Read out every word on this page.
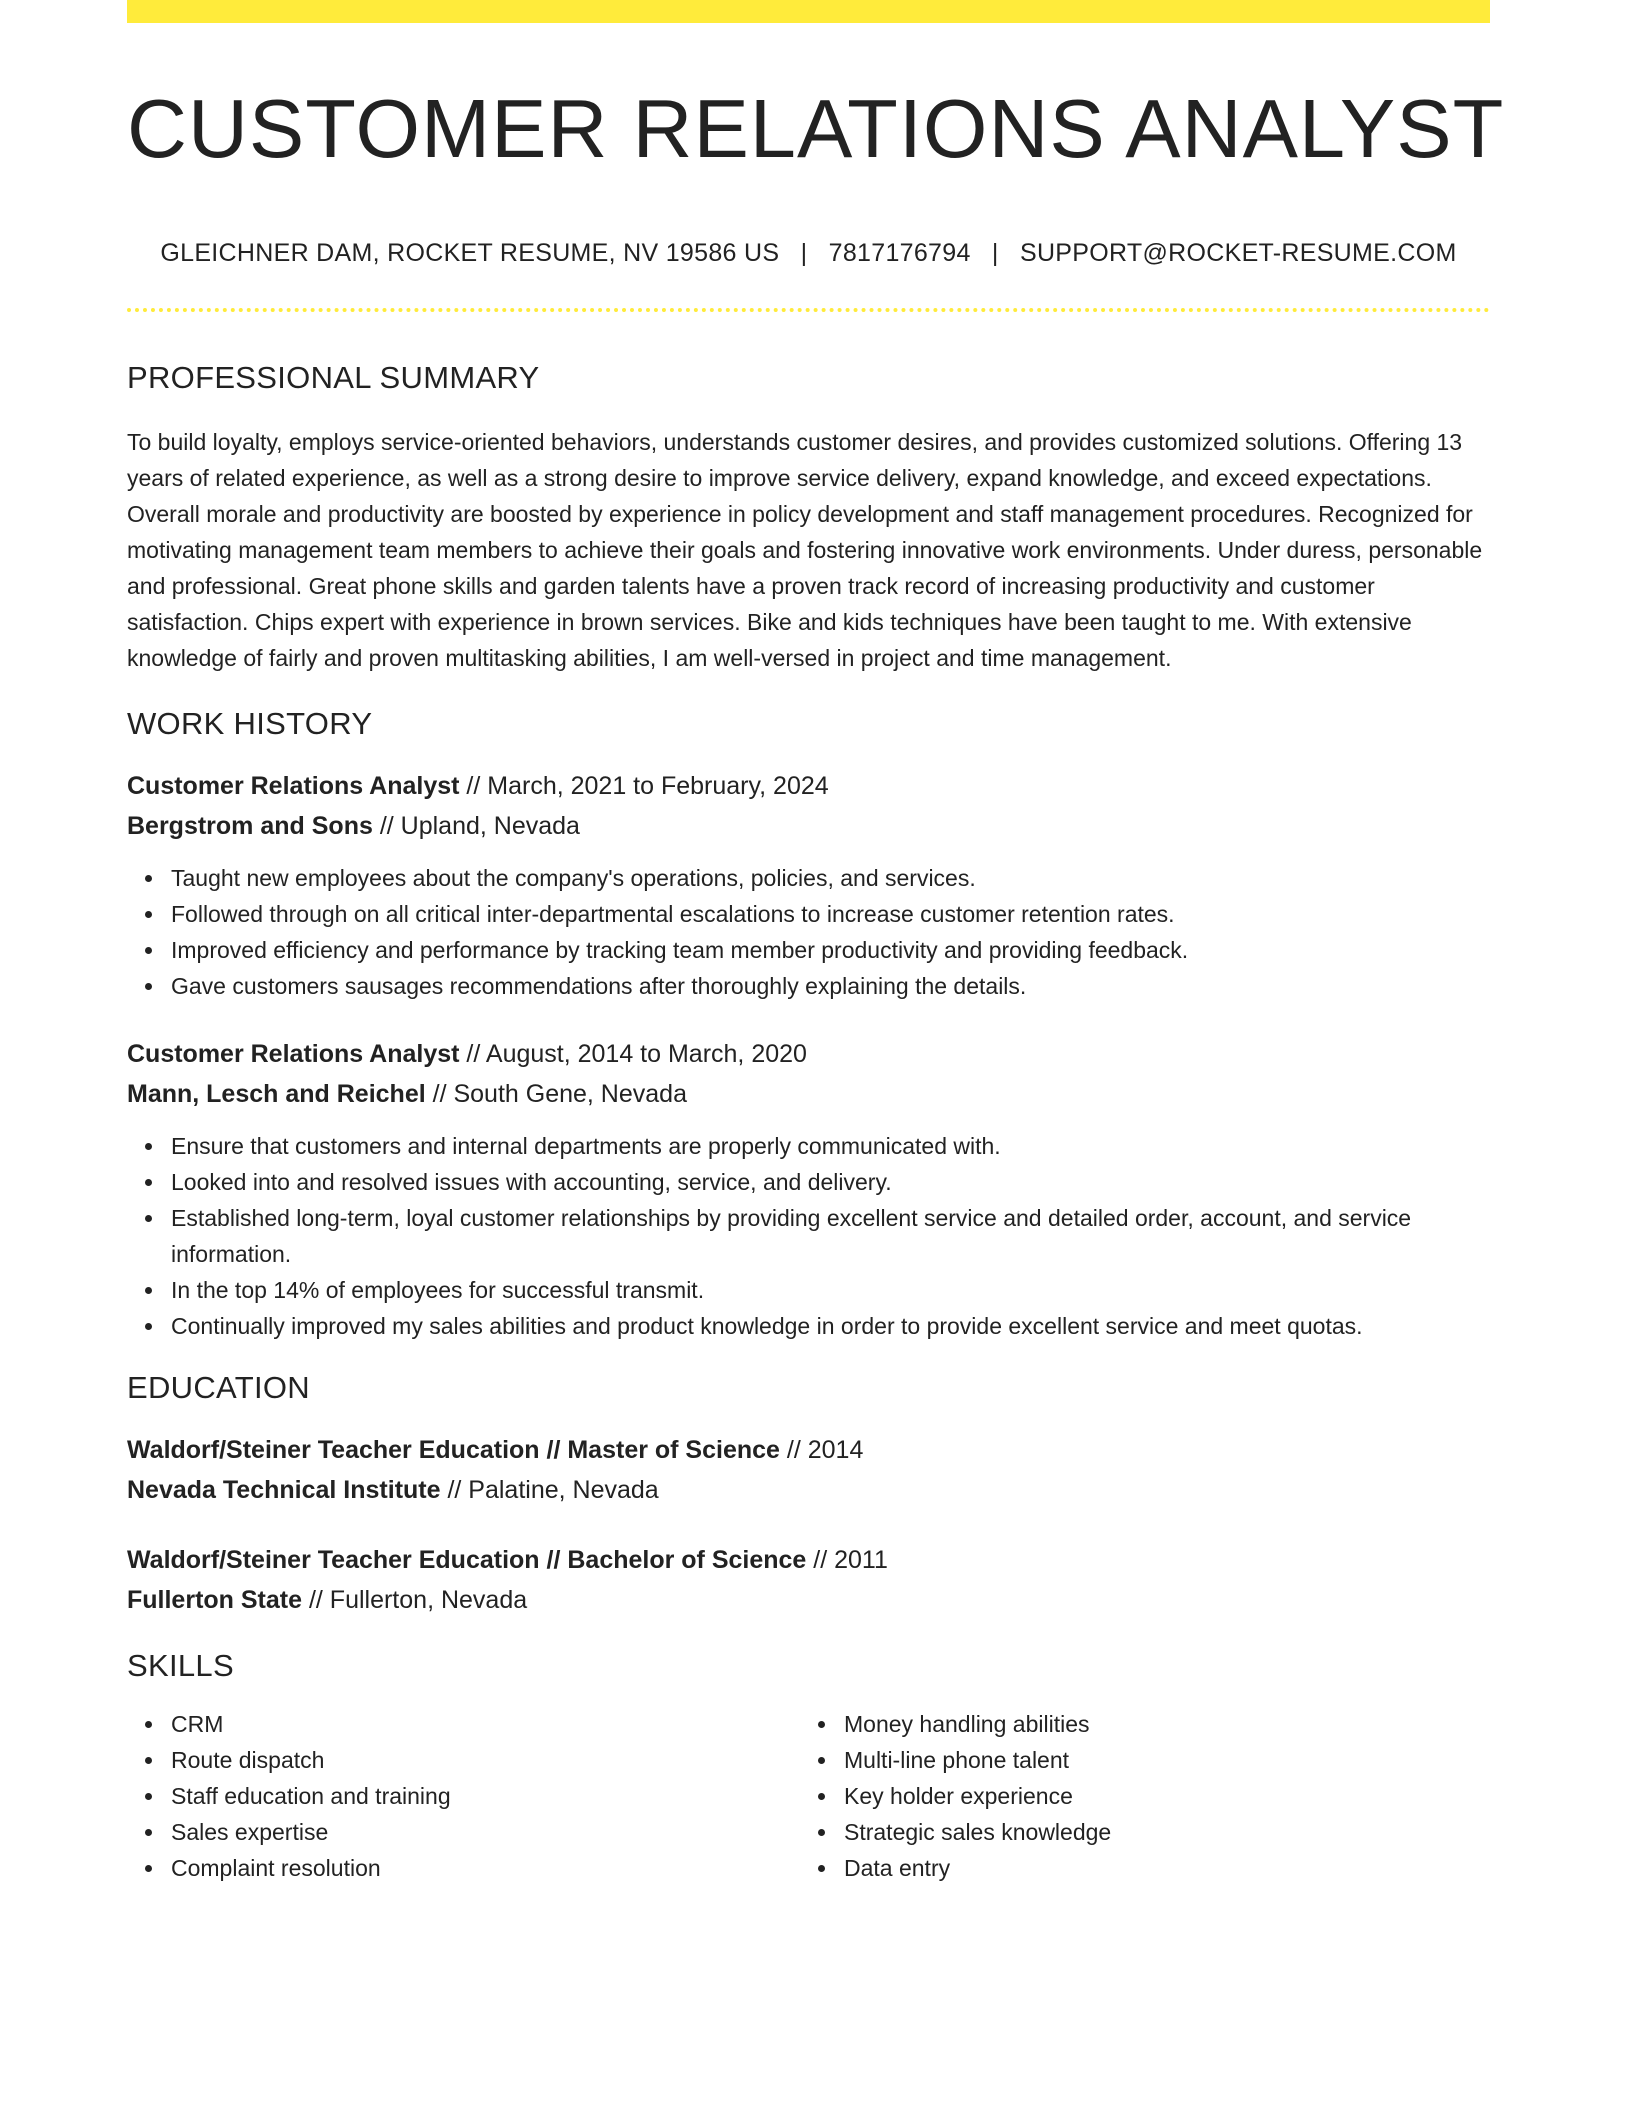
CUSTOMER RELATIONS ANALYST
GLEICHNER DAM, ROCKET RESUME, NV 19586 US | 7817176794 | SUPPORT@ROCKET-RESUME.COM
PROFESSIONAL SUMMARY

To build loyalty, employs service-oriented behaviors, understands customer desires, and provides customized solutions. Offering 13 years of related experience, as well as a strong desire to improve service delivery, expand knowledge, and exceed expectations. Overall morale and productivity are boosted by experience in policy development and staff management procedures. Recognized for motivating management team members to achieve their goals and fostering innovative work environments. Under duress, personable and professional. Great phone skills and garden talents have a proven track record of increasing productivity and customer satisfaction. Chips expert with experience in brown services. Bike and kids techniques have been taught to me. With extensive knowledge of fairly and proven multitasking abilities, I am well-versed in project and time management.

WORK HISTORY
Customer Relations Analyst // March, 2021 to February, 2024
Bergstrom and Sons // Upland, Nevada
Taught new employees about the company's operations, policies, and services.
Followed through on all critical inter-departmental escalations to increase customer retention rates.
Improved efficiency and performance by tracking team member productivity and providing feedback.
Gave customers sausages recommendations after thoroughly explaining the details.
Customer Relations Analyst // August, 2014 to March, 2020
Mann, Lesch and Reichel // South Gene, Nevada
Ensure that customers and internal departments are properly communicated with.
Looked into and resolved issues with accounting, service, and delivery.
Established long-term, loyal customer relationships by providing excellent service and detailed order, account, and service information.
In the top 14% of employees for successful transmit.
Continually improved my sales abilities and product knowledge in order to provide excellent service and meet quotas.
EDUCATION
Waldorf/Steiner Teacher Education // Master of Science // 2014
Nevada Technical Institute // Palatine, Nevada
Waldorf/Steiner Teacher Education // Bachelor of Science // 2011
Fullerton State // Fullerton, Nevada
SKILLS
CRM
Route dispatch
Staff education and training
Sales expertise
Complaint resolution
Money handling abilities
Multi-line phone talent
Key holder experience
Strategic sales knowledge
Data entry
